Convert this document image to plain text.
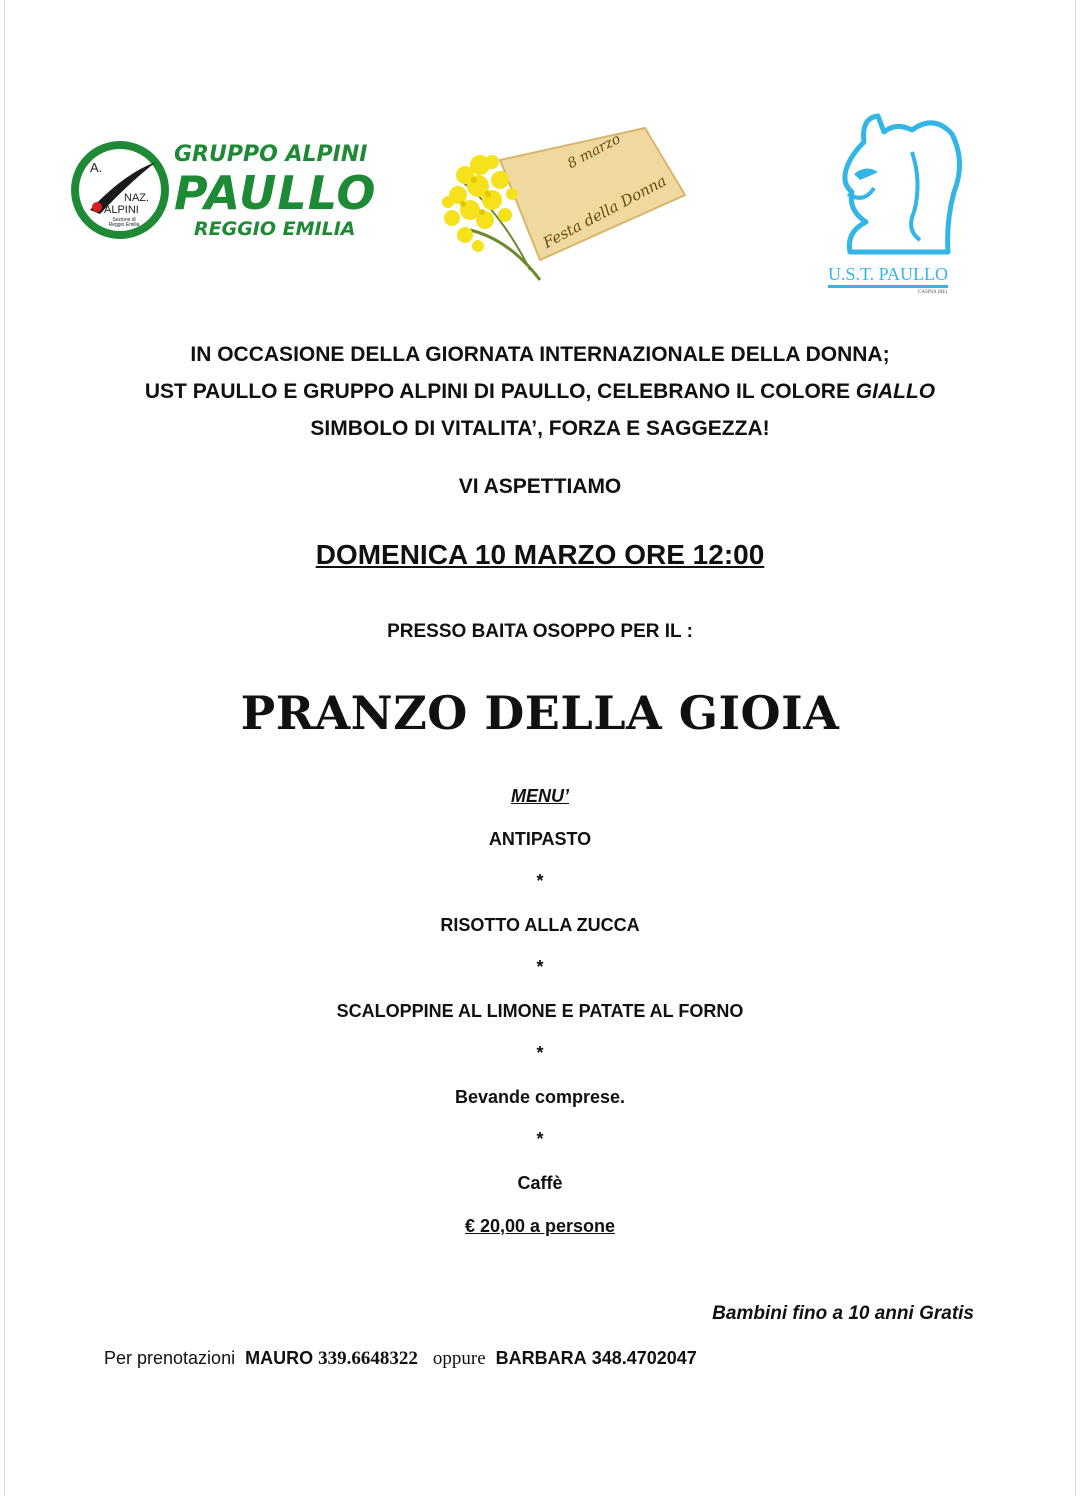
A.
NAZ.
ALPINI
Sezione di Reggio Emilia
GRUPPO ALPINI
PAULLO
REGGIO EMILIA
8 marzo
Festa della Donna
U.S.T. PAULLO
CASINA (RE)
IN OCCASIONE DELLA GIORNATA INTERNAZIONALE DELLA DONNA;
UST PAULLO E GRUPPO ALPINI DI PAULLO, CELEBRANO IL COLORE GIALLO
SIMBOLO DI VITALITA’, FORZA E SAGGEZZA!
VI ASPETTIAMO
DOMENICA 10 MARZO ORE 12:00
PRESSO BAITA OSOPPO PER IL :
PRANZO DELLA GIOIA
MENU’
ANTIPASTO
*
RISOTTO ALLA ZUCCA
*
SCALOPPINE AL LIMONE E PATATE AL FORNO
*
Bevande comprese.
*
Caffè
€ 20,00 a persone
Bambini fino a 10 anni Gratis
Per prenotazioni MAURO 339.6648322 oppure BARBARA 348.4702047
